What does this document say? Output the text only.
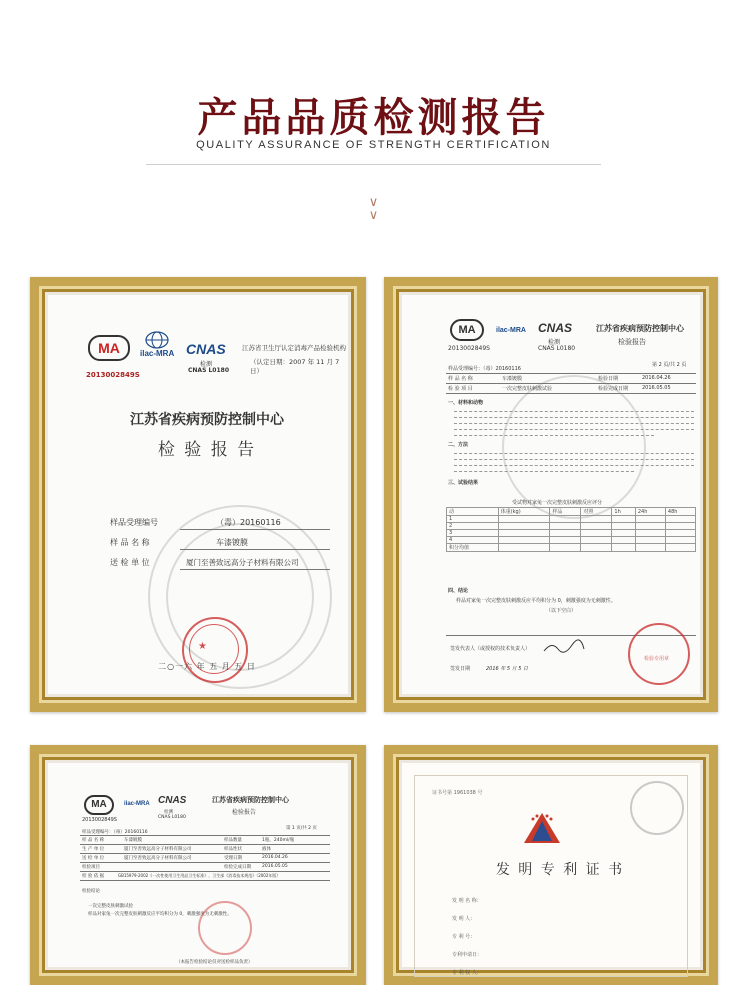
产品品质检测报告
QUALITY ASSURANCE OF STRENGTH CERTIFICATION
∨
∨
MA
2013002849S
ilac-MRA CNAS
检测
CNAS L0180
江苏省卫生厅认定消毒产品检验机构
（认定日期：2007 年 11 月 7 日）
江苏省疾病预防控制中心
检 验 报 告
样品受理编号	（毒）20160116
样 品 名 称	车漆镀膜
送 检 单 位	厦门至善致远高分子材料有限公司
★
二○一六 年 五 月 五 日
MA
2013002849S
ilac-MRA CNAS
检测
CNAS L0180
江苏省疾病预防控制中心
检验报告
第 2 页/共 2 页
样品受理编号：（毒）20160116
样 品 名 称	车漆镀膜	检验日期	2016.04.26
检 验 项 目	一次完整皮肤刺激试验	检验完成日期	2016.05.05
一、材料和动物
二、方法
三、试验结果
受试物对家兔一次完整皮肤刺激反应评分
动	体重(kg)	样品	对照	1h	24h	48h
1						
2						
3						
4						
积分均值						
四、结论
样品对家兔一次完整皮肤刺激反应平均积分为 0，刺激强度为无刺激性。
（以下空白）
签发代表人（或授权的技术负责人）
签发日期	2016 年 5 月 5 日
检验专用章
MA
2013002849S
ilac-MRA CNAS
检测
CNAS L0180
江苏省疾病预防控制中心
检验报告
第 1 页/共 2 页
样品受理编号：（毒）20160116
样 品 名 称	车漆镀膜	样品数量	1瓶，240ml/瓶
生 产 单 位	厦门至善致远高分子材料有限公司	样品性状	液体
送 检 单 位	厦门至善致远高分子材料有限公司	受理日期	2016.04.26
检验完成日期 2016.05.05
检验项目
检 验 依 据	GB15979-2002《一次性使用卫生用品卫生标准》、卫生部《消毒技术规范》（2002年版）
检验结论
一次完整皮肤刺激试验
样品对家兔一次完整皮肤刺激反应平均积分为 0，刺激强度为无刺激性。
（本报告检验结论仅对送检样品负责）
证书号第 1961038 号
发 明 专 利 证 书
发 明 名 称：
发 明 人：
专 利 号：
专利申请日：
专 利 权 人：
